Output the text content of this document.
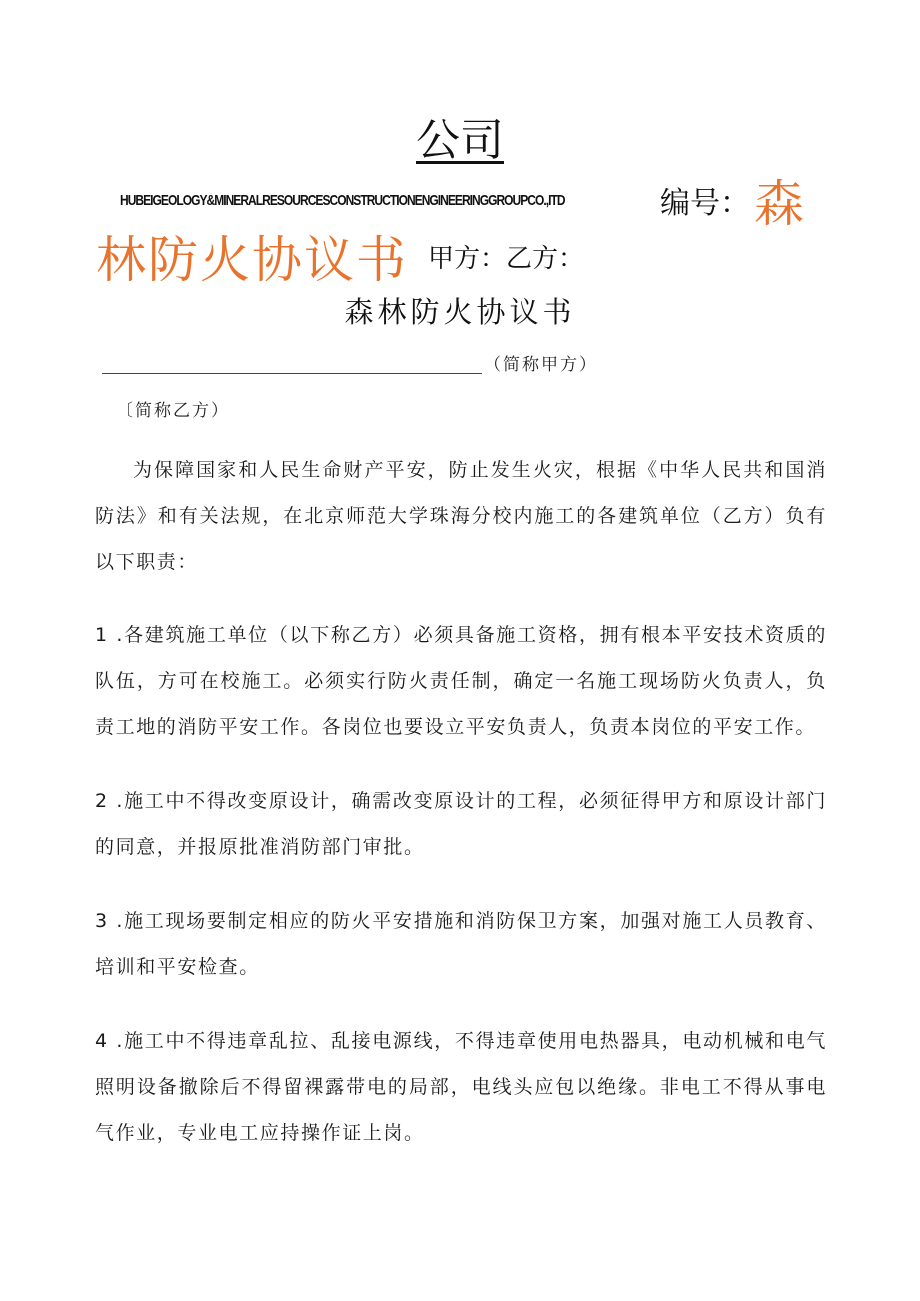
公司
HUBEIGEOLOGY&MINERALRESOURCESCONSTRUCTIONENGINEERINGGROUPCO.,ITD	编号： 森
林防火协议书 甲方：乙方：
森林防火协议书
（简称甲方）
〔简称乙方）
为保障国家和人民生命财产平安，防止发生火灾，根据《中华人民共和国消防法》和有关法规，在北京师范大学珠海分校内施工的各建筑单位（乙方）负有以下职责：
1 .各建筑施工单位（以下称乙方）必须具备施工资格，拥有根本平安技术资质的队伍，方可在校施工。必须实行防火责任制，确定一名施工现场防火负责人，负责工地的消防平安工作。各岗位也要设立平安负责人，负责本岗位的平安工作。
2 .施工中不得改变原设计，确需改变原设计的工程，必须征得甲方和原设计部门的同意，并报原批准消防部门审批。
3 .施工现场要制定相应的防火平安措施和消防保卫方案，加强对施工人员教育、培训和平安检查。
4 .施工中不得违章乱拉、乱接电源线，不得违章使用电热器具，电动机械和电气照明设备撤除后不得留裸露带电的局部，电线头应包以绝缘。非电工不得从事电气作业，专业电工应持操作证上岗。
